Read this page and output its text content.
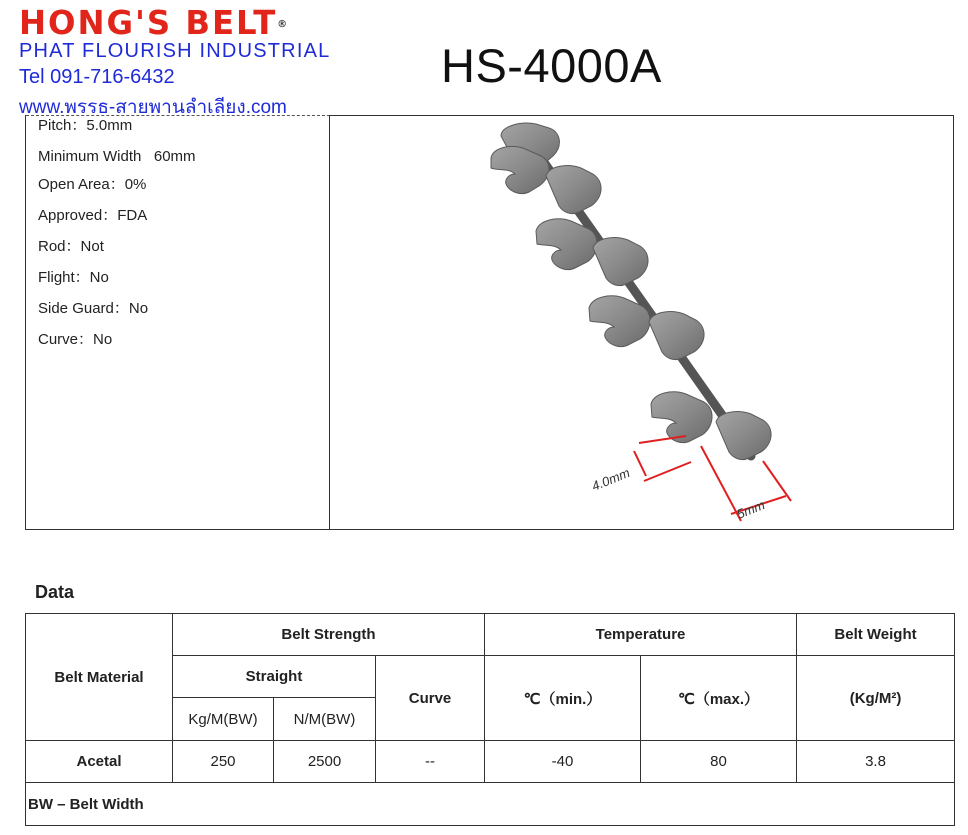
HONG'S BELT®
PHAT FLOURISH INDUSTRIAL
Tel 091-716-6432
www.พรรธ-สายพานลำเลียง.com
HS-4000A
Pitch：5.0mm
Minimum Width   60mm
Open Area：0%
Approved：FDA
Rod：Not
Flight：No
Side Guard：No
Curve：No
4.0mm
5mm
Data
Belt Material	Belt Strength			Temperature		Belt Weight
	Straight		Curve	℃（min.）	℃（max.）	(Kg/M²)
	Kg/M(BW)	N/M(BW)				
Acetal	250	2500	--	-40	80	3.8
BW – Belt Width						
